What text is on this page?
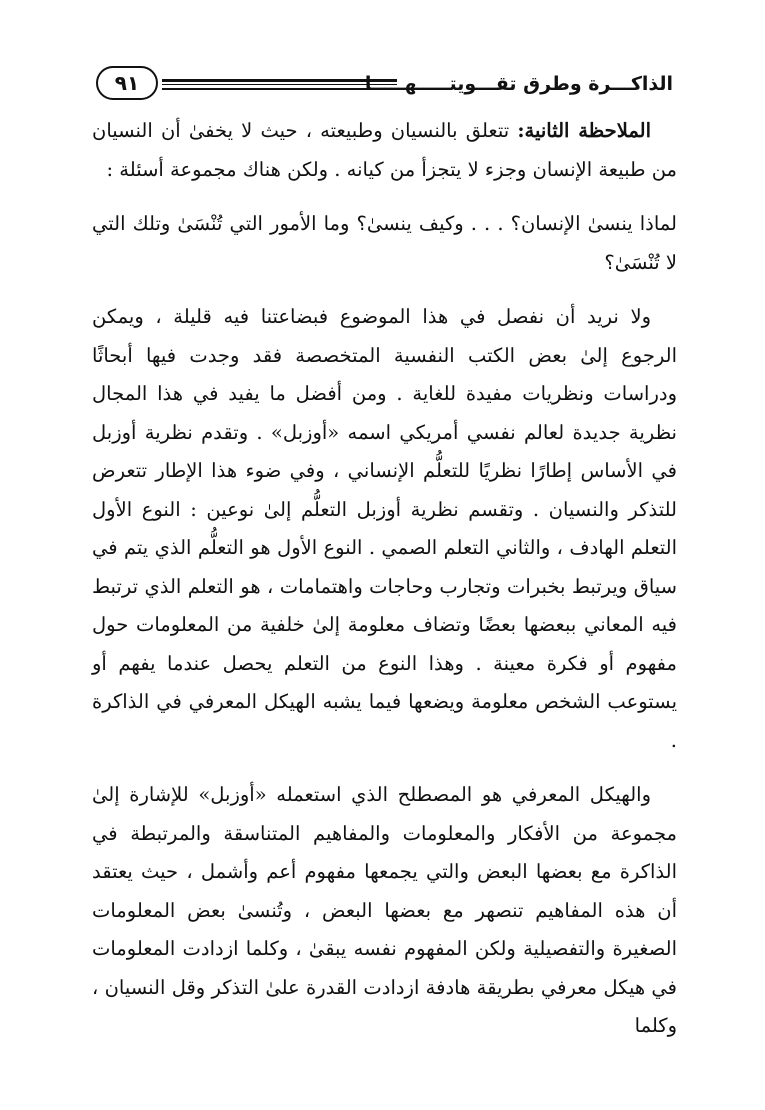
الذاكـــرة وطرق تقـــويتـــــهـــــا
٩١

الملاحظة الثانية: تتعلق بالنسيان وطبيعته ، حيث لا يخفىٰ أن النسيان من طبيعة الإنسان وجزء لا يتجزأ من كيانه . ولكن هناك مجموعة أسئلة :

لماذا ينسىٰ الإنسان؟ . . . وكيف ينسىٰ؟ وما الأمور التي تُنْسَىٰ وتلك التي لا تُنْسَىٰ؟

ولا نريد أن نفصل في هذا الموضوع فبضاعتنا فيه قليلة ، ويمكن الرجوع إلىٰ بعض الكتب النفسية المتخصصة فقد وجدت فيها أبحاثًا ودراسات ونظريات مفيدة للغاية . ومن أفضل ما يفيد في هذا المجال نظرية جديدة لعالم نفسي أمريكي اسمه «أوزبل» . وتقدم نظرية أوزبل في الأساس إطارًا نظريًا للتعلُّم الإنساني ، وفي ضوء هذا الإطار تتعرض للتذكر والنسيان . وتقسم نظرية أوزبل التعلُّم إلىٰ نوعين : النوع الأول التعلم الهادف ، والثاني التعلم الصمي . النوع الأول هو التعلُّم الذي يتم في سياق ويرتبط بخبرات وتجارب وحاجات واهتمامات ، هو التعلم الذي ترتبط فيه المعاني ببعضها بعضًا وتضاف معلومة إلىٰ خلفية من المعلومات حول مفهوم أو فكرة معينة . وهذا النوع من التعلم يحصل عندما يفهم أو يستوعب الشخص معلومة ويضعها فيما يشبه الهيكل المعرفي في الذاكرة .

والهيكل المعرفي هو المصطلح الذي استعمله «أوزبل» للإشارة إلىٰ مجموعة من الأفكار والمعلومات والمفاهيم المتناسقة والمرتبطة في الذاكرة مع بعضها البعض والتي يجمعها مفهوم أعم وأشمل ، حيث يعتقد أن هذه المفاهيم تنصهر مع بعضها البعض ، وتُنسىٰ بعض المعلومات الصغيرة والتفصيلية ولكن المفهوم نفسه يبقىٰ ، وكلما ازدادت المعلومات في هيكل معرفي بطريقة هادفة ازدادت القدرة علىٰ التذكر وقل النسيان ، وكلما
